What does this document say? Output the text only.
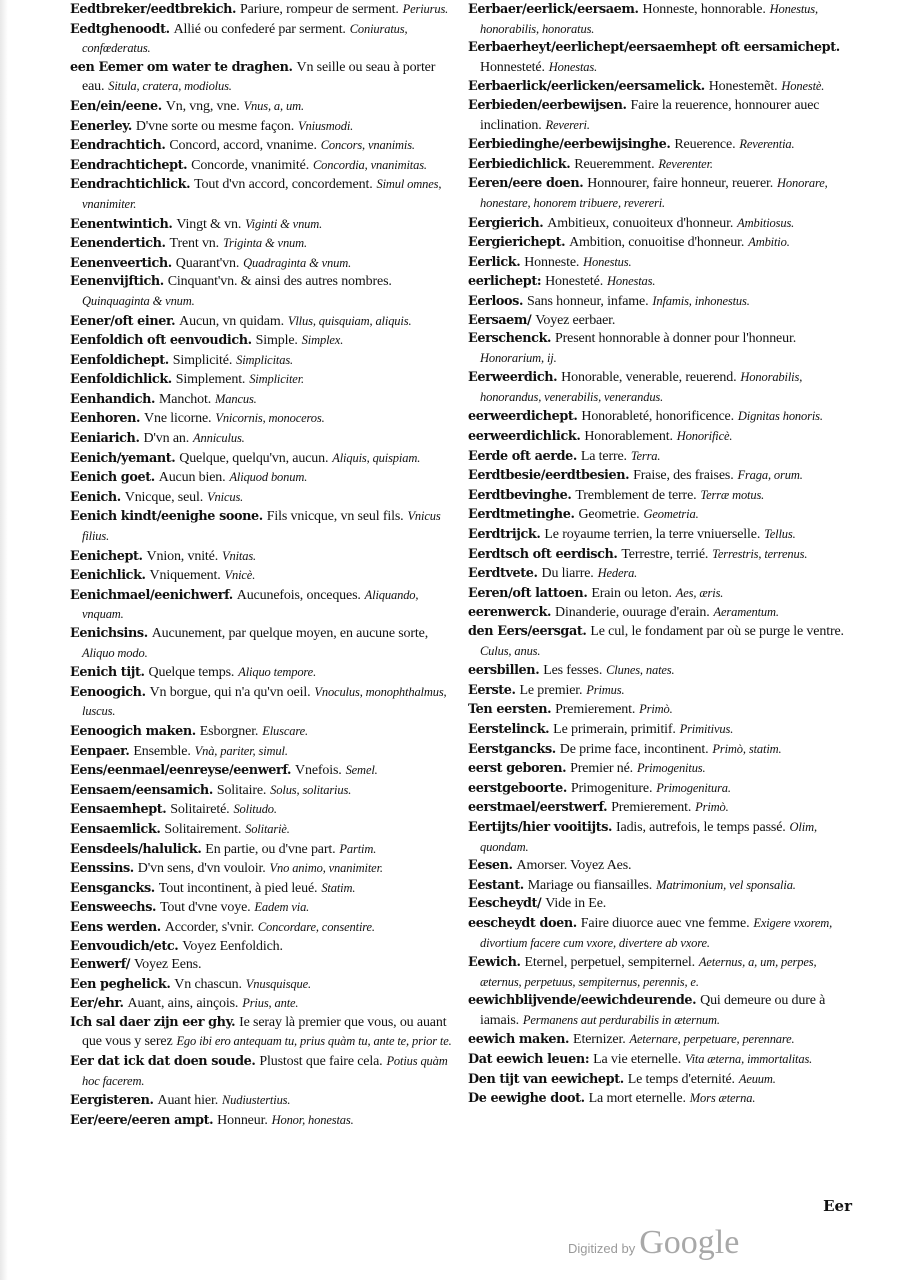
Eedtbreker/eedtbrekich. Pariure, rompeur de serment. Periurus.
Eedtghenoodt. Allié ou confederé par serment. Coniuratus, confœderatus.
een Eemer om water te draghen. Vn seille ou seau à porter eau. Situla, cratera, modiolus.
Een/ein/eene. Vn, vng, vne. Vnus, a, um.
Eenerley. D'vne sorte ou mesme façon. Vniusmodi.
Eendrachtich. Concord, accord, vnanime. Concors, vnanimis.
Eendrachtichept. Concorde, vnanimité. Concordia, vnanimitas.
Eendrachtichlick. Tout d'vn accord, concordement. Simul omnes, vnanimiter.
Eenentwintich. Vingt & vn. Viginti & vnum.
Eenendertich. Trent vn. Triginta & vnum.
Eenenveertich. Quarant'vn. Quadraginta & vnum.
Eenenvijftich. Cinquant'vn. & ainsi des autres nombres. Quinquaginta & vnum.
Eener/oft einer. Aucun, vn quidam. Vllus, quisquiam, aliquis.
Eenfoldich oft eenvoudich. Simple. Simplex.
Eenfoldichept. Simplicité. Simplicitas.
Eenfoldichlick. Simplement. Simpliciter.
Eenhandich. Manchot. Mancus.
Eenhoren. Vne licorne. Vnicornis, monoceros.
Eeniarich. D'vn an. Anniculus.
Eenich/yemant. Quelque, quelqu'vn, aucun. Aliquis, quispiam.
Eenich goet. Aucun bien. Aliquod bonum.
Eenich. Vnicque, seul. Vnicus.
Eenich kindt/eenighe soone. Fils vnicque, vn seul fils. Vnicus filius.
Eenichept. Vnion, vnité. Vnitas.
Eenichlick. Vniquement. Vnicè.
Eenichmael/eenichwerf. Aucunefois, onceques. Aliquando, vnquam.
Eenichsins. Aucunement, par quelque moyen, en aucune sorte, Aliquo modo.
Eenich tijt. Quelque temps. Aliquo tempore.
Eenoogich. Vn borgue, qui n'a qu'vn oeil. Vnoculus, monophthalmus, luscus.
Eenoogich maken. Esborgner. Eluscare.
Eenpaer. Ensemble. Vnà, pariter, simul.
Eens/eenmael/eenreyse/eenwerf. Vnefois. Semel.
Eensaem/eensamich. Solitaire. Solus, solitarius.
Eensaemhept. Solitaireté. Solitudo.
Eensaemlick. Solitairement. Solitariè.
Eensdeels/halulick. En partie, ou d'vne part. Partim.
Eenssins. D'vn sens, d'vn vouloir. Vno animo, vnanimiter.
Eensgancks. Tout incontinent, à pied leué. Statim.
Eensweechs. Tout d'vne voye. Eadem via.
Eens werden. Accorder, s'vnir. Concordare, consentire.
Eenvoudich/etc. Voyez Eenfoldich.
Eenwerf/ Voyez Eens.
Een peghelick. Vn chascun. Vnusquisque.
Eer/ehr. Auant, ains, ainçois. Prius, ante.
Ich sal daer zijn eer ghy. Ie seray là premier que vous, ou auant que vous y serez Ego ibi ero antequam tu, prius quàm tu, ante te, prior te.
Eer dat ick dat doen soude. Plustost que faire cela. Potius quàm hoc facerem.
Eergisteren. Auant hier. Nudiustertius.
Eer/eere/eeren ampt. Honneur. Honor, honestas.
Eerbaer/eerlick/eersaem. Honneste, honnorable. Honestus, honorabilis, honoratus.
Eerbaerheyt/eerlichept/eersaemhept oft eersamichept. Honnesteté. Honestas.
Eerbaerlick/eerlicken/eersamelick. Honestemẽt. Honestè.
Eerbieden/eerbewijsen. Faire la reuerence, honnourer auec inclination. Revereri.
Eerbiedinghe/eerbewijsinghe. Reuerence. Reverentia.
Eerbiedichlick. Reueremment. Reverenter.
Eeren/eere doen. Honnourer, faire honneur, reuerer. Honorare, honestare, honorem tribuere, revereri.
Eergierich. Ambitieux, conuoiteux d'honneur. Ambitiosus.
Eergierichept. Ambition, conuoitise d'honneur. Ambitio.
Eerlick. Honneste. Honestus.
eerlichept: Honesteté. Honestas.
Eerloos. Sans honneur, infame. Infamis, inhonestus.
Eersaem/ Voyez eerbaer.
Eerschenck. Present honnorable à donner pour l'honneur. Honorarium, ij.
Eerweerdich. Honorable, venerable, reuerend. Honorabilis, honorandus, venerabilis, venerandus.
eerweerdichept. Honorableté, honorificence. Dignitas honoris.
eerweerdichlick. Honorablement. Honorificè.
Eerde oft aerde. La terre. Terra.
Eerdtbesie/eerdtbesien. Fraise, des fraises. Fraga, orum.
Eerdtbevinghe. Tremblement de terre. Terræ motus.
Eerdtmetinghe. Geometrie. Geometria.
Eerdtrijck. Le royaume terrien, la terre vniuerselle. Tellus.
Eerdtsch oft eerdisch. Terrestre, terrié. Terrestris, terrenus.
Eerdtvete. Du liarre. Hedera.
Eeren/oft lattoen. Erain ou leton. Aes, æris.
eerenwerck. Dinanderie, ouurage d'erain. Aeramentum.
den Eers/eersgat. Le cul, le fondament par où se purge le ventre. Culus, anus.
eersbillen. Les fesses. Clunes, nates.
Eerste. Le premier. Primus.
Ten eersten. Premierement. Primò.
Eerstelinck. Le primerain, primitif. Primitivus.
Eerstgancks. De prime face, incontinent. Primò, statim.
eerst geboren. Premier né. Primogenitus.
eerstgeboorte. Primogeniture. Primogenitura.
eerstmael/eerstwerf. Premierement. Primò.
Eertijts/hier vooitijts. Iadis, autrefois, le temps passé. Olim, quondam.
Eesen. Amorser. Voyez Aes.
Eestant. Mariage ou fiansailles. Matrimonium, vel sponsalia.
Eescheydt/ Vide in Ee.
eescheydt doen. Faire diuorce auec vne femme. Exigere vxorem, divortium facere cum vxore, divertere ab vxore.
Eewich. Eternel, perpetuel, sempiternel. Aeternus, a, um, perpes, æternus, perpetuus, sempiternus, perennis, e.
eewichblijvende/eewichdeurende. Qui demeure ou dure à iamais. Permanens aut perdurabilis in æternum.
eewich maken. Eternizer. Aeternare, perpetuare, perennare.
Dat eewich leuen: La vie eternelle. Vita æterna, immortalitas.
Den tijt van eewichept. Le temps d'eternité. Aeuum.
De eewighe doot. La mort eternelle. Mors æterna.
Eer
Digitized by Google
